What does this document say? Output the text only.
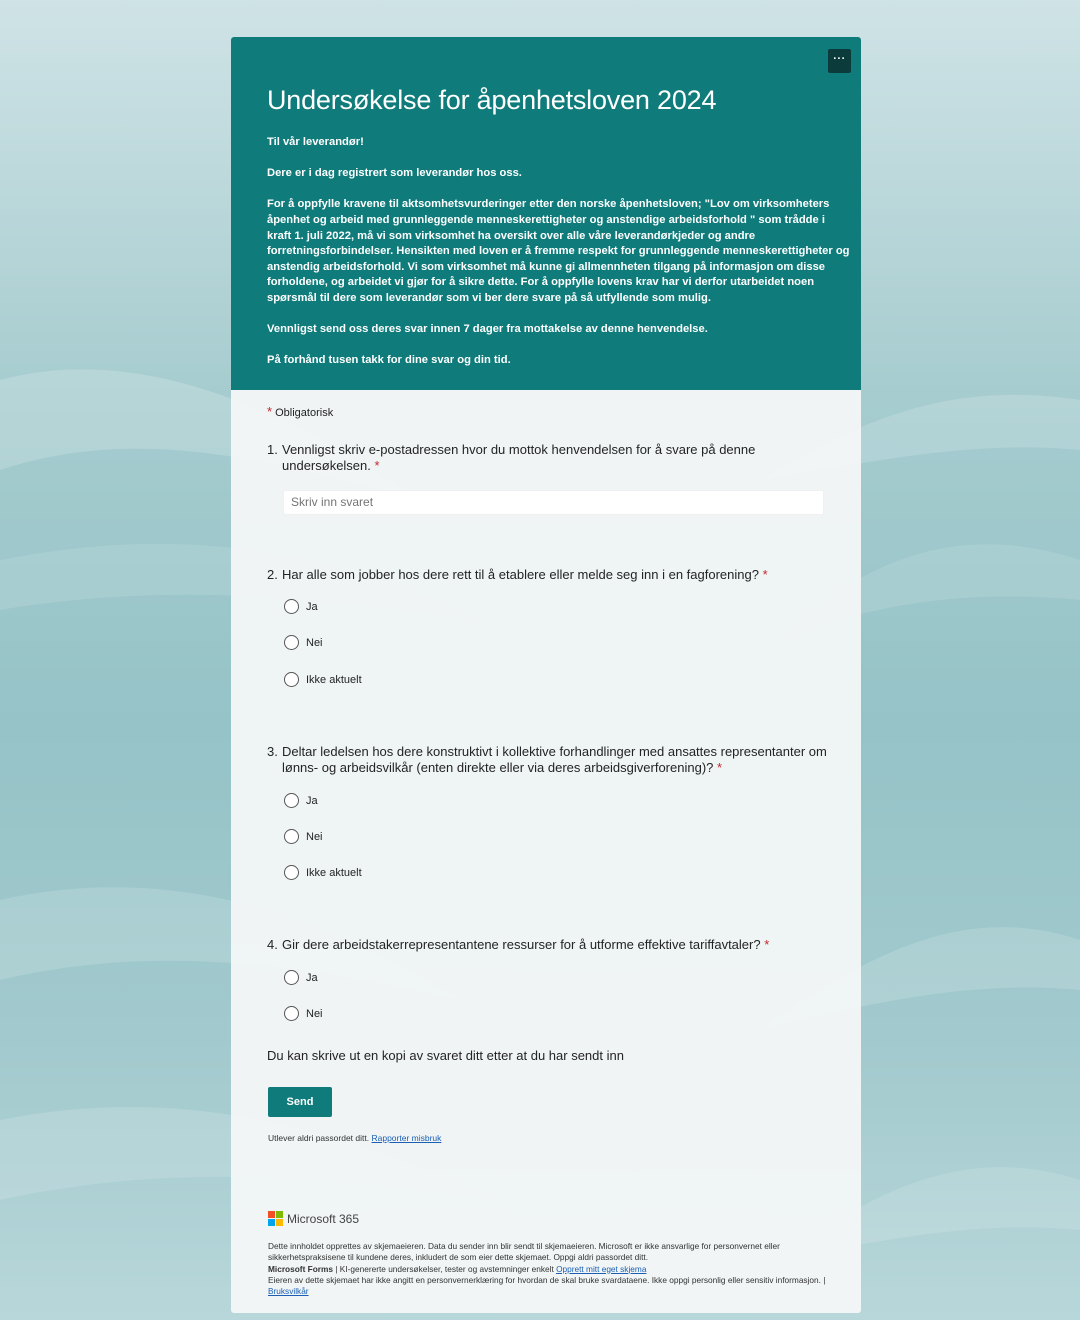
···
Undersøkelse for åpenhetsloven 2024

Til vår leverandør!

Dere er i dag registrert som leverandør hos oss.

For å oppfylle kravene til aktsomhetsvurderinger etter den norske åpenhetsloven; "Lov om virksomheters åpenhet og arbeid med grunnleggende menneskerettigheter og anstendige arbeidsforhold " som trådde i kraft 1. juli 2022, må vi som virksomhet ha oversikt over alle våre leverandørkjeder og andre forretningsforbindelser. Hensikten med loven er å fremme respekt for grunnleggende menneskerettigheter og anstendig arbeidsforhold. Vi som virksomhet må kunne gi allmennheten tilgang på informasjon om disse forholdene, og arbeidet vi gjør for å sikre dette. For å oppfylle lovens krav har vi derfor utarbeidet noen spørsmål til dere som leverandør som vi ber dere svare på så utfyllende som mulig.

Vennligst send oss deres svar innen 7 dager fra mottakelse av denne henvendelse.

På forhånd tusen takk for dine svar og din tid.

* Obligatorisk
1. Vennligst skriv e-postadressen hvor du mottok henvendelsen for å svare på denne undersøkelsen. *
Skriv inn svaret
2. Har alle som jobber hos dere rett til å etablere eller melde seg inn i en fagforening? *
Ja
Nei
Ikke aktuelt
3. Deltar ledelsen hos dere konstruktivt i kollektive forhandlinger med ansattes representanter om lønns- og arbeidsvilkår (enten direkte eller via deres arbeidsgiverforening)? *
Ja
Nei
Ikke aktuelt
4. Gir dere arbeidstakerrepresentantene ressurser for å utforme effektive tariffavtaler? *
Ja
Nei
Du kan skrive ut en kopi av svaret ditt etter at du har sendt inn
Send
Utlever aldri passordet ditt. Rapporter misbruk
Microsoft 365

Dette innholdet opprettes av skjemaeieren. Data du sender inn blir sendt til skjemaeieren. Microsoft er ikke ansvarlige for personvernet eller sikkerhetspraksisene til kundene deres, inkludert de som eier dette skjemaet. Oppgi aldri passordet ditt.

Microsoft Forms | KI-genererte undersøkelser, tester og avstemninger enkelt Opprett mitt eget skjema

Eieren av dette skjemaet har ikke angitt en personvernerklæring for hvordan de skal bruke svardataene. Ikke oppgi personlig eller sensitiv informasjon. | Bruksvilkår
